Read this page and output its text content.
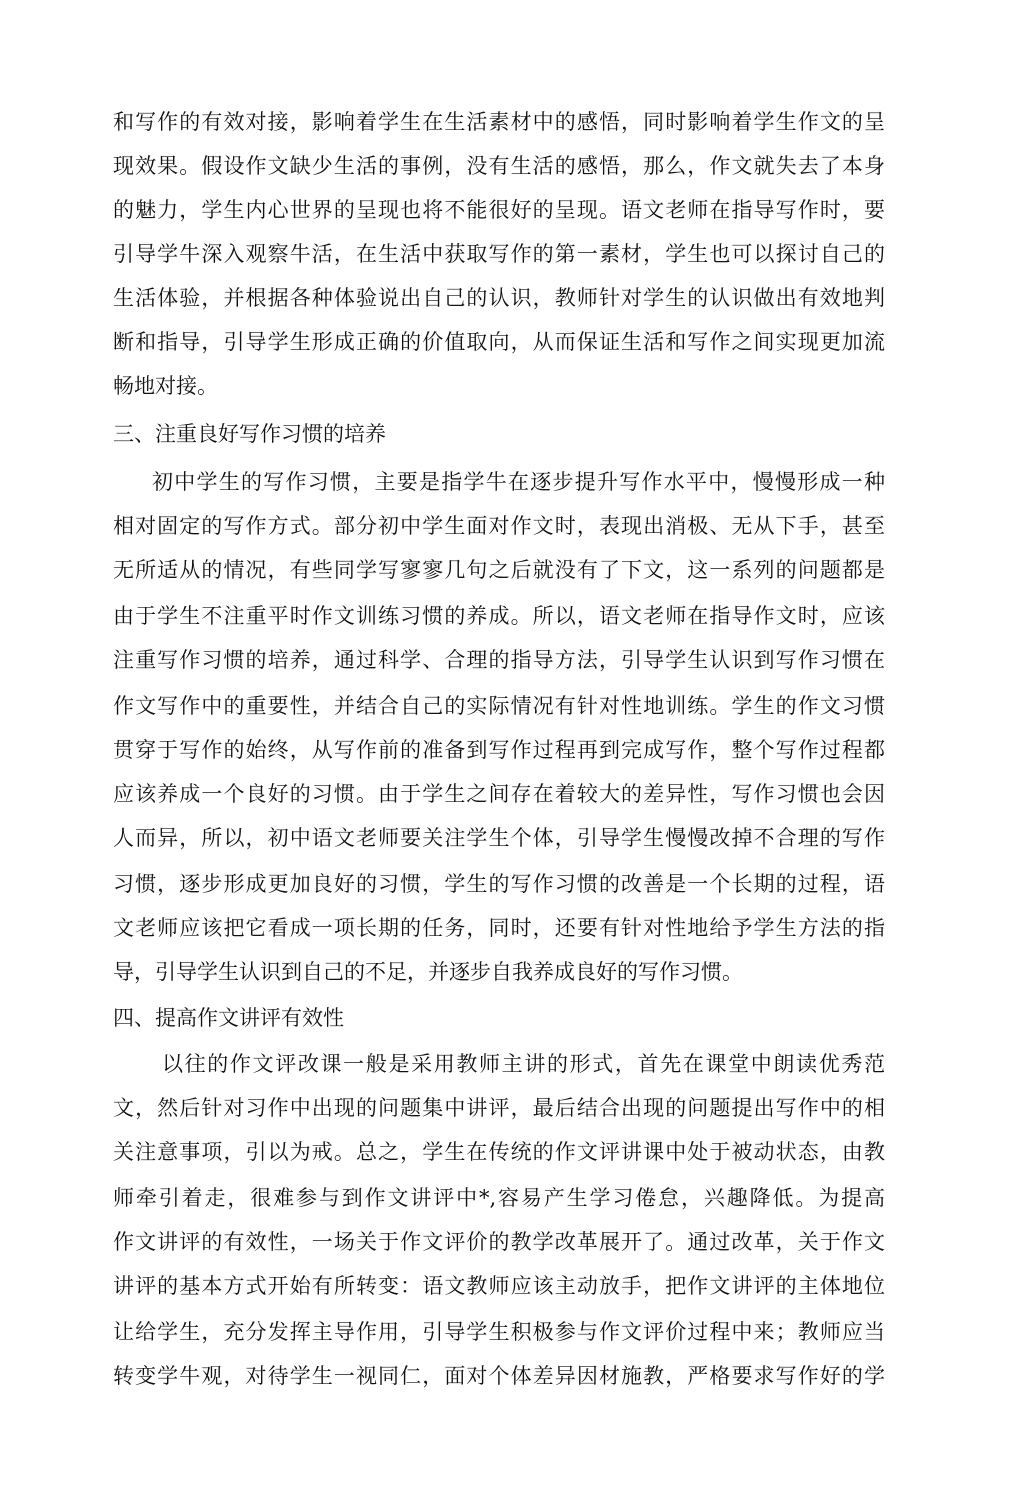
和写作的有效对接，影响着学生在生活素材中的感悟，同时影响着学生作文的呈
现效果。假设作文缺少生活的事例，没有生活的感悟，那么，作文就失去了本身
的魅力，学生内心世界的呈现也将不能很好的呈现。语文老师在指导写作时，要
引导学牛深入观察牛活，在生活中获取写作的第一素材，学生也可以探讨自己的
生活体验，并根据各种体验说出自己的认识，教师针对学生的认识做出有效地判
断和指导，引导学生形成正确的价值取向，从而保证生活和写作之间实现更加流
畅地对接。
三、注重良好写作习惯的培养
初中学生的写作习惯，主要是指学牛在逐步提升写作水平中，慢慢形成一种
相对固定的写作方式。部分初中学生面对作文时，表现出消极、无从下手，甚至
无所适从的情况，有些同学写寥寥几句之后就没有了下文，这一系列的问题都是
由于学生不注重平时作文训练习惯的养成。所以，语文老师在指导作文时，应该
注重写作习惯的培养，通过科学、合理的指导方法，引导学生认识到写作习惯在
作文写作中的重要性，并结合自己的实际情况有针对性地训练。学生的作文习惯
贯穿于写作的始终，从写作前的准备到写作过程再到完成写作，整个写作过程都
应该养成一个良好的习惯。由于学生之间存在着较大的差异性，写作习惯也会因
人而异，所以，初中语文老师要关注学生个体，引导学生慢慢改掉不合理的写作
习惯，逐步形成更加良好的习惯，学生的写作习惯的改善是一个长期的过程，语
文老师应该把它看成一项长期的任务，同时，还要有针对性地给予学生方法的指
导，引导学生认识到自己的不足，并逐步自我养成良好的写作习惯。
四、提高作文讲评有效性
以往的作文评改课一般是采用教师主讲的形式，首先在课堂中朗读优秀范
文，然后针对习作中出现的问题集中讲评，最后结合出现的问题提出写作中的相
关注意事项，引以为戒。总之，学生在传统的作文评讲课中处于被动状态，由教
师牵引着走，很难参与到作文讲评中*,容易产生学习倦怠，兴趣降低。为提高
作文讲评的有效性，一场关于作文评价的教学改革展开了。通过改革，关于作文
讲评的基本方式开始有所转变：语文教师应该主动放手，把作文讲评的主体地位
让给学生，充分发挥主导作用，引导学生积极参与作文评价过程中来；教师应当
转变学牛观，对待学生一视同仁，面对个体差异因材施教，严格要求写作好的学
